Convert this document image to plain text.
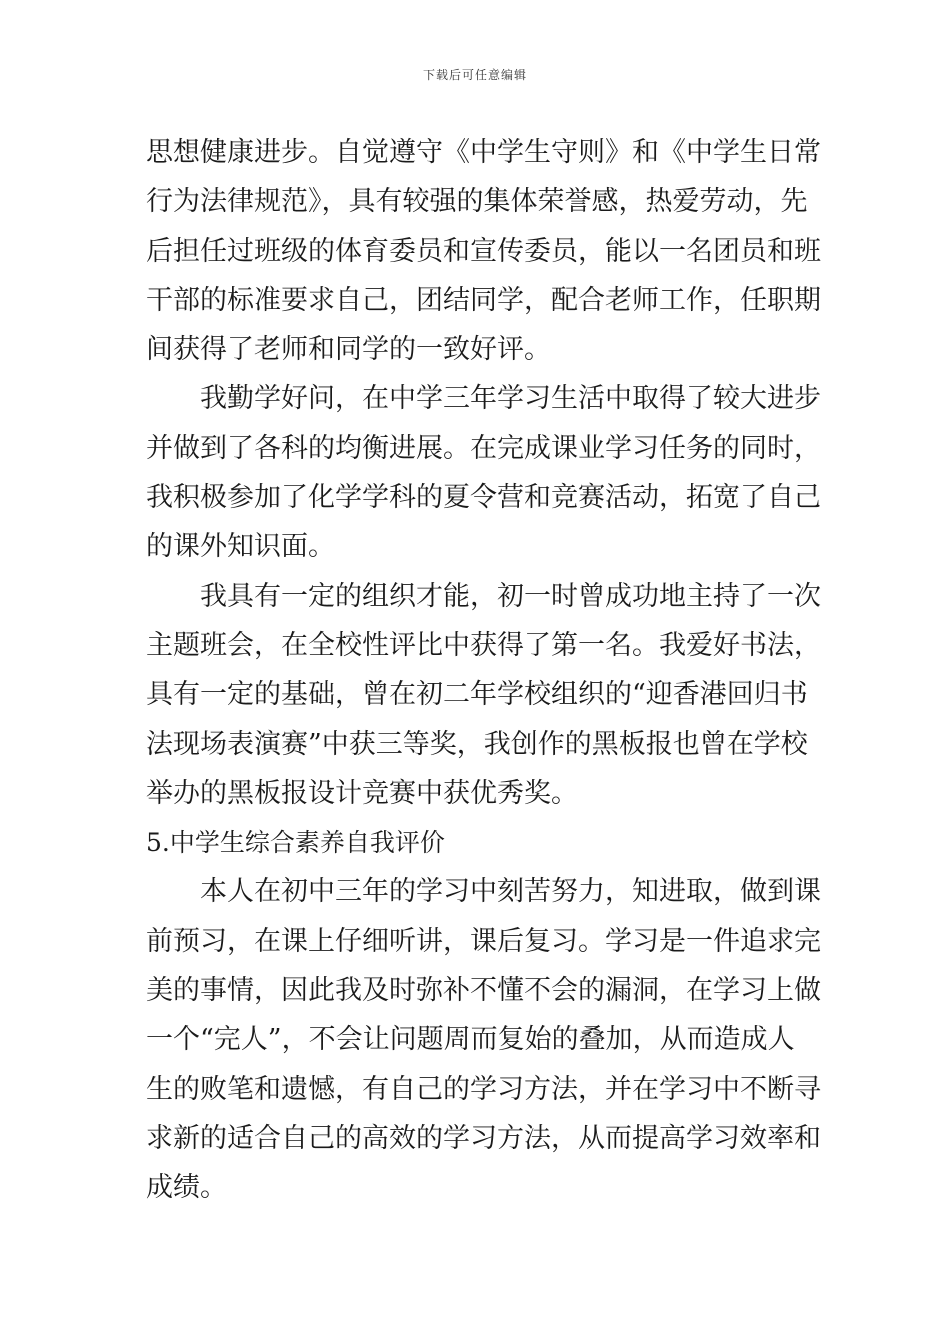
下载后可任意编辑
思想健康进步。自觉遵守《中学生守则》和《中学生日常
行为法律规范》，具有较强的集体荣誉感，热爱劳动，先
后担任过班级的体育委员和宣传委员，能以一名团员和班
干部的标准要求自己，团结同学，配合老师工作，任职期
间获得了老师和同学的一致好评。
我勤学好问，在中学三年学习生活中取得了较大进步
并做到了各科的均衡进展。在完成课业学习任务的同时，
我积极参加了化学学科的夏令营和竞赛活动，拓宽了自己
的课外知识面。
我具有一定的组织才能，初一时曾成功地主持了一次
主题班会，在全校性评比中获得了第一名。我爱好书法，
具有一定的基础，曾在初二年学校组织的“迎香港回归书
法现场表演赛”中获三等奖，我创作的黑板报也曾在学校
举办的黑板报设计竞赛中获优秀奖。
5.中学生综合素养自我评价
本人在初中三年的学习中刻苦努力，知进取，做到课
前预习，在课上仔细听讲，课后复习。学习是一件追求完
美的事情，因此我及时弥补不懂不会的漏洞，在学习上做
一个“完人”，不会让问题周而复始的叠加，从而造成人
生的败笔和遗憾，有自己的学习方法，并在学习中不断寻
求新的适合自己的高效的学习方法，从而提高学习效率和
成绩。
